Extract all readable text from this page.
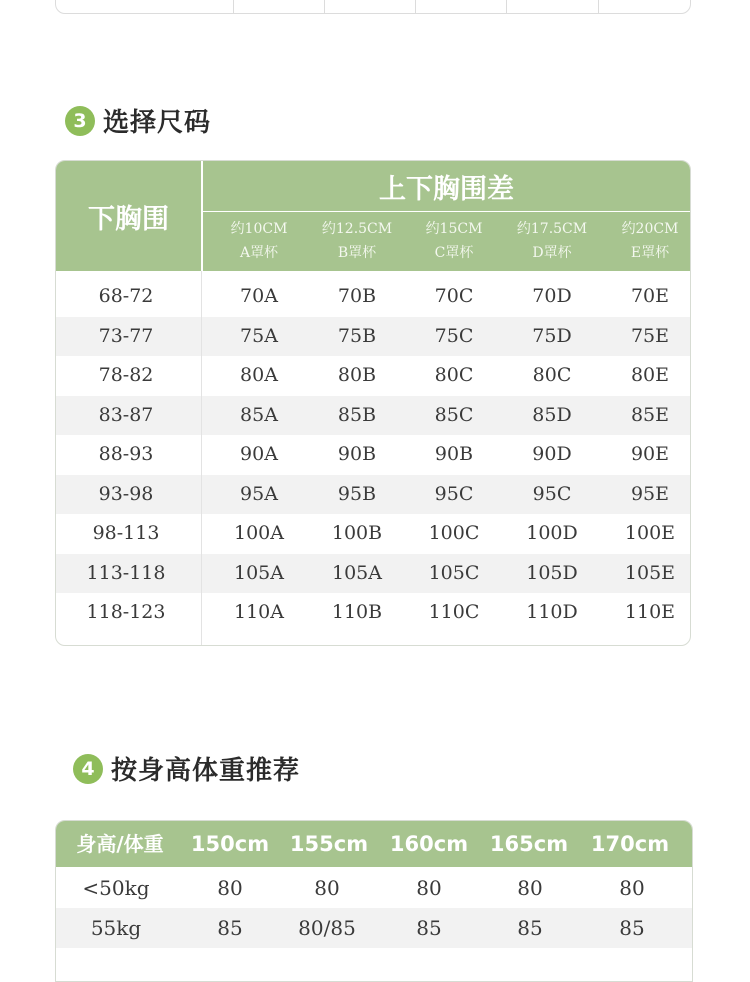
3 选择尺码
下胸围
上下胸围差
约10CM
A罩杯
约12.5CM
B罩杯
约15CM
C罩杯
约17.5CM
D罩杯
约20CM
E罩杯
68-72	70A	70B	70C	70D	70E
73-77	75A	75B	75C	75D	75E
78-82	80A	80B	80C	80C	80E
83-87	85A	85B	85C	85D	85E
88-93	90A	90B	90B	90D	90E
93-98	95A	95B	95C	95C	95E
98-113	100A	100B	100C	100D	100E
113-118	105A	105A	105C	105D	105E
118-123	110A	110B	110C	110D	110E
4 按身高体重推荐
身高/体重	150cm 155cm	160cm	165cm	170cm
<50kg	80	80	80	80	80
55kg	85	80/85	85	85	85
